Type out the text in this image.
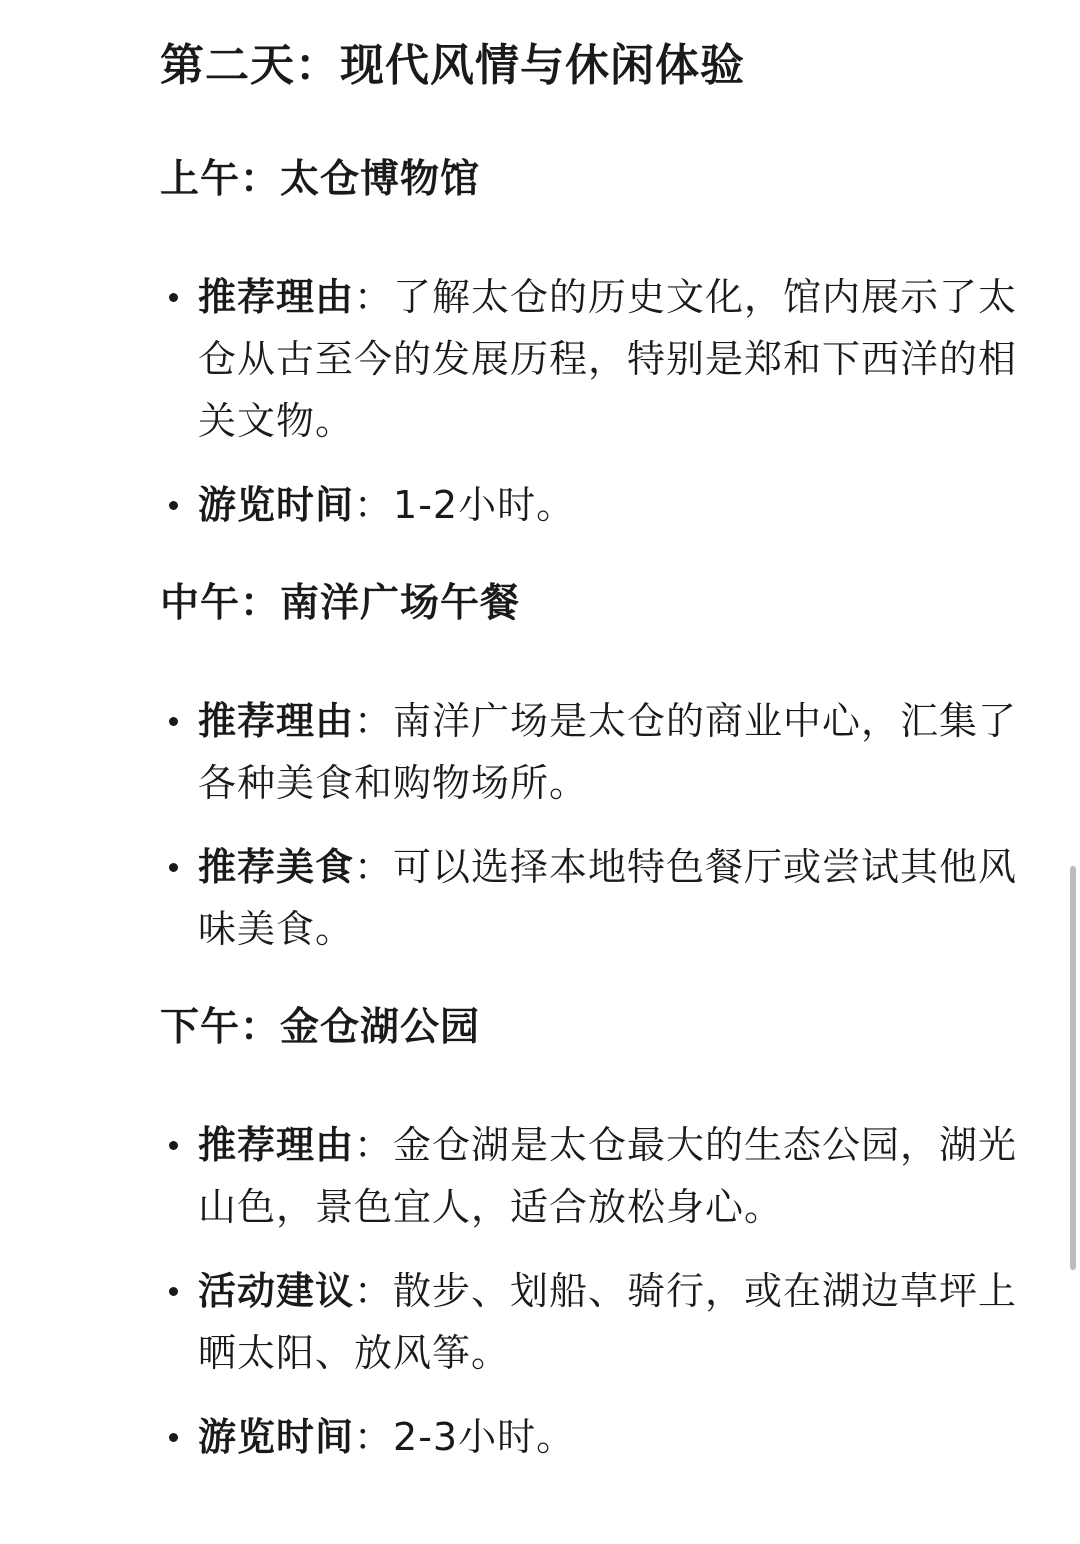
第二天：现代风情与休闲体验
上午：太仓博物馆
推荐理由：了解太仓的历史文化，馆内展示了太仓从古至今的发展历程，特别是郑和下西洋的相关文物。
游览时间：1-2小时。
中午：南洋广场午餐
推荐理由：南洋广场是太仓的商业中心，汇集了各种美食和购物场所。
推荐美食：可以选择本地特色餐厅或尝试其他风味美食。
下午：金仓湖公园
推荐理由：金仓湖是太仓最大的生态公园，湖光山色，景色宜人，适合放松身心。
活动建议：散步、划船、骑行，或在湖边草坪上晒太阳、放风筝。
游览时间：2-3小时。
